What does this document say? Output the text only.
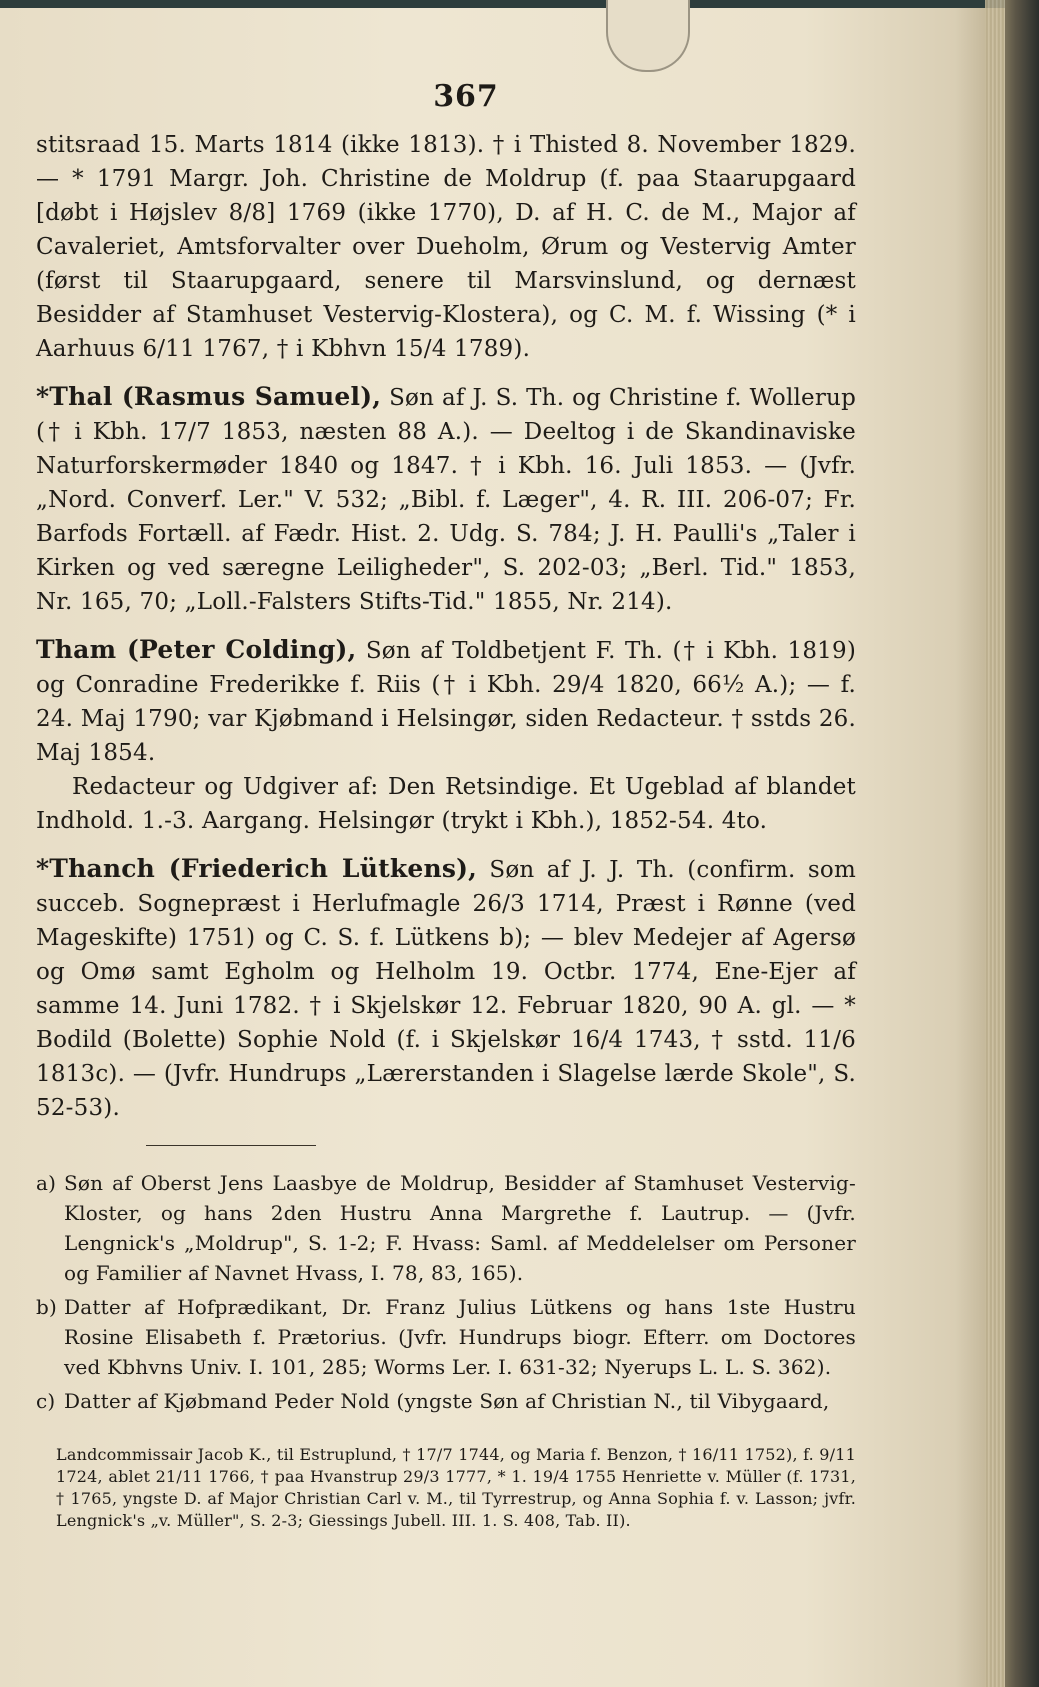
367

stitsraad 15. Marts 1814 (ikke 1813). † i Thisted 8. November 1829. — * 1791 Margr. Joh. Christine de Moldrup (f. paa Staarupgaard [døbt i Højslev 8/8] 1769 (ikke 1770), D. af H. C. de M., Major af Cavaleriet, Amtsforvalter over Dueholm, Ørum og Vestervig Amter (først til Staarupgaard, senere til Marsvinslund, og dernæst Besidder af Stamhuset Vestervig-Klostera), og C. M. f. Wissing (* i Aarhuus 6/11 1767, † i Kbhvn 15/4 1789).

*Thal (Rasmus Samuel), Søn af J. S. Th. og Christine f. Wollerup († i Kbh. 17/7 1853, næsten 88 A.). — Deeltog i de Skandinaviske Naturforskermøder 1840 og 1847. † i Kbh. 16. Juli 1853. — (Jvfr. „Nord. Converf. Ler." V. 532; „Bibl. f. Læger", 4. R. III. 206-07; Fr. Barfods Fortæll. af Fædr. Hist. 2. Udg. S. 784; J. H. Paulli's „Taler i Kirken og ved særegne Leiligheder", S. 202-03; „Berl. Tid." 1853, Nr. 165, 70; „Loll.-Falsters Stifts-Tid." 1855, Nr. 214).

Tham (Peter Colding), Søn af Toldbetjent F. Th. († i Kbh. 1819) og Conradine Frederikke f. Riis († i Kbh. 29/4 1820, 66½ A.); — f. 24. Maj 1790; var Kjøbmand i Helsingør, siden Redacteur. † sstds 26. Maj 1854.

Redacteur og Udgiver af: Den Retsindige. Et Ugeblad af blandet Indhold. 1.-3. Aargang. Helsingør (trykt i Kbh.), 1852-54. 4to.

*Thanch (Friederich Lütkens), Søn af J. J. Th. (confirm. som succeb. Sognepræst i Herlufmagle 26/3 1714, Præst i Rønne (ved Mageskifte) 1751) og C. S. f. Lütkens b); — blev Medejer af Agersø og Omø samt Egholm og Helholm 19. Octbr. 1774, Ene-Ejer af samme 14. Juni 1782. † i Skjelskør 12. Februar 1820, 90 A. gl. — * Bodild (Bolette) Sophie Nold (f. i Skjelskør 16/4 1743, † sstd. 11/6 1813c). — (Jvfr. Hundrups „Lærerstanden i Slagelse lærde Skole", S. 52-53).

a) Søn af Oberst Jens Laasbye de Moldrup, Besidder af Stamhuset Vestervig-Kloster, og hans 2den Hustru Anna Margrethe f. Lautrup. — (Jvfr. Lengnick's „Moldrup", S. 1-2; F. Hvass: Saml. af Meddelelser om Personer og Familier af Navnet Hvass, I. 78, 83, 165).
b) Datter af Hofprædikant, Dr. Franz Julius Lütkens og hans 1ste Hustru Rosine Elisabeth f. Prætorius. (Jvfr. Hundrups biogr. Efterr. om Doctores ved Kbhvns Univ. I. 101, 285; Worms Ler. I. 631-32; Nyerups L. L. S. 362).
c) Datter af Kjøbmand Peder Nold (yngste Søn af Christian N., til Vibygaard,
Landcommissair Jacob K., til Estruplund, † 17/7 1744, og Maria f. Benzon, † 16/11 1752), f. 9/11 1724, ablet 21/11 1766, † paa Hvanstrup 29/3 1777, * 1. 19/4 1755 Henriette v. Müller (f. 1731, † 1765, yngste D. af Major Christian Carl v. M., til Tyrrestrup, og Anna Sophia f. v. Lasson; jvfr. Lengnick's „v. Müller", S. 2-3; Giessings Jubell. III. 1. S. 408, Tab. II).
